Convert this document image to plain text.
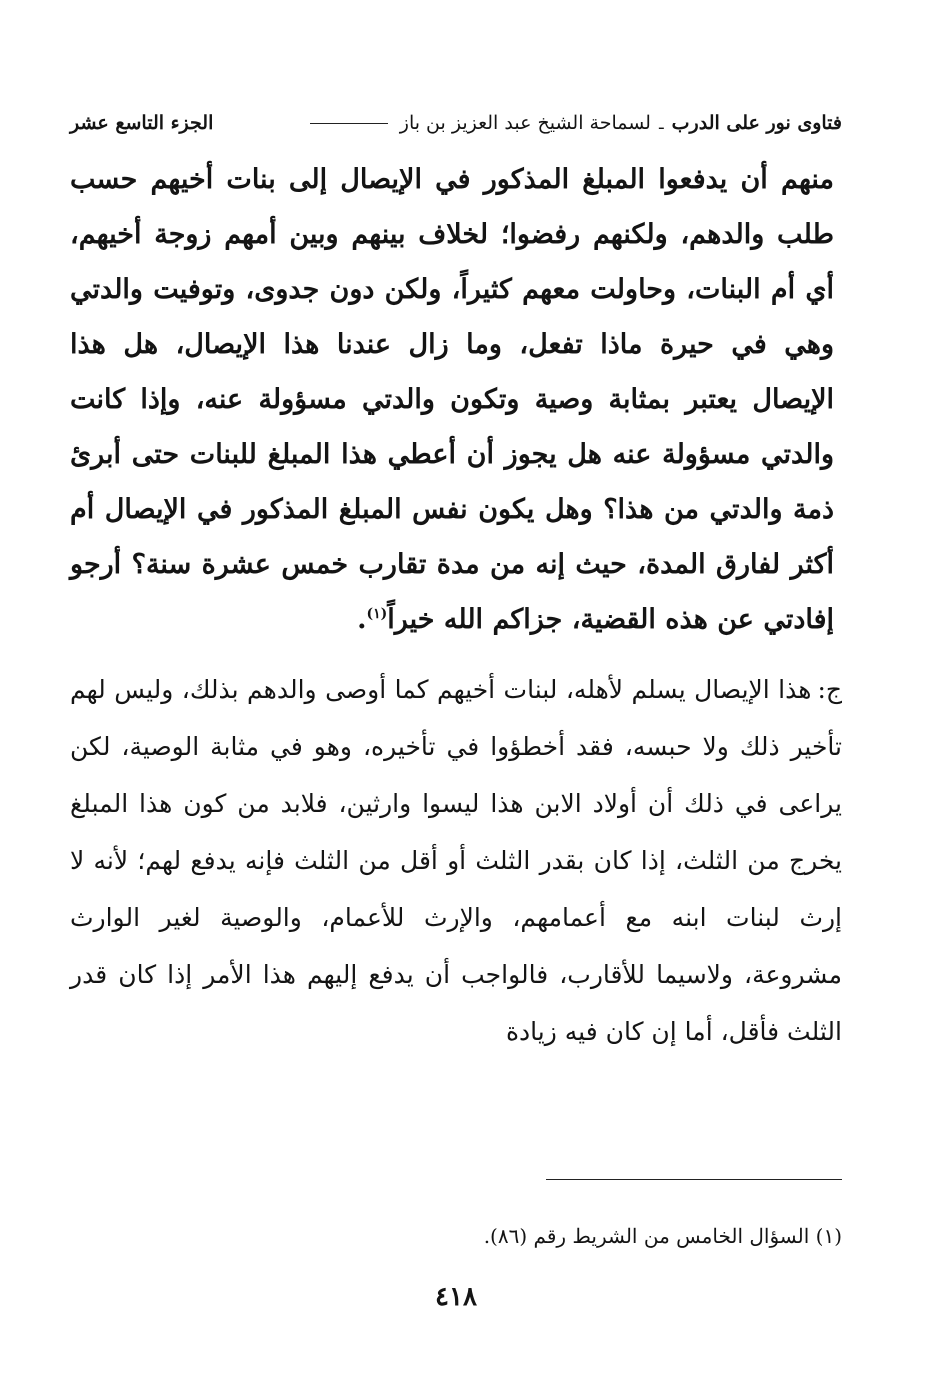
فتاوى نور على الدرب
ـ
لسماحة الشيخ عبد العزيز بن باز
الجزء التاسع عشر

منهم أن يدفعوا المبلغ المذكور في الإيصال إلى بنات أخيهم حسب طلب والدهم، ولكنهم رفضوا؛ لخلاف بينهم وبين أمهم زوجة أخيهم، أي أم البنات، وحاولت معهم كثيراً، ولكن دون جدوى، وتوفيت والدتي وهي في حيرة ماذا تفعل، وما زال عندنا هذا الإيصال، هل هذا الإيصال يعتبر بمثابة وصية وتكون والدتي مسؤولة عنه، وإذا كانت والدتي مسؤولة عنه هل يجوز أن أعطي هذا المبلغ للبنات حتى أبرئ ذمة والدتي من هذا؟ وهل يكون نفس المبلغ المذكور في الإيصال أم أكثر لفارق المدة، حيث إنه من مدة تقارب خمس عشرة سنة؟ أرجو إفادتي عن هذه القضية، جزاكم الله خيراً$^{(١)}$.

ج:هذا الإيصال يسلم لأهله، لبنات أخيهم كما أوصى والدهم بذلك، وليس لهم تأخير ذلك ولا حبسه، فقد أخطؤوا في تأخيره، وهو في مثابة الوصية، لكن يراعى في ذلك أن أولاد الابن هذا ليسوا وارثين، فلابد من كون هذا المبلغ يخرج من الثلث، إذا كان بقدر الثلث أو أقل من الثلث فإنه يدفع لهم؛ لأنه لا إرث لبنات ابنه مع أعمامهم، والإرث للأعمام، والوصية لغير الوارث مشروعة، ولاسيما للأقارب، فالواجب أن يدفع إليهم هذا الأمر إذا كان قدر الثلث فأقل، أما إن كان فيه زيادة

(١) السؤال الخامس من الشريط رقم (٨٦).

٤١٨
